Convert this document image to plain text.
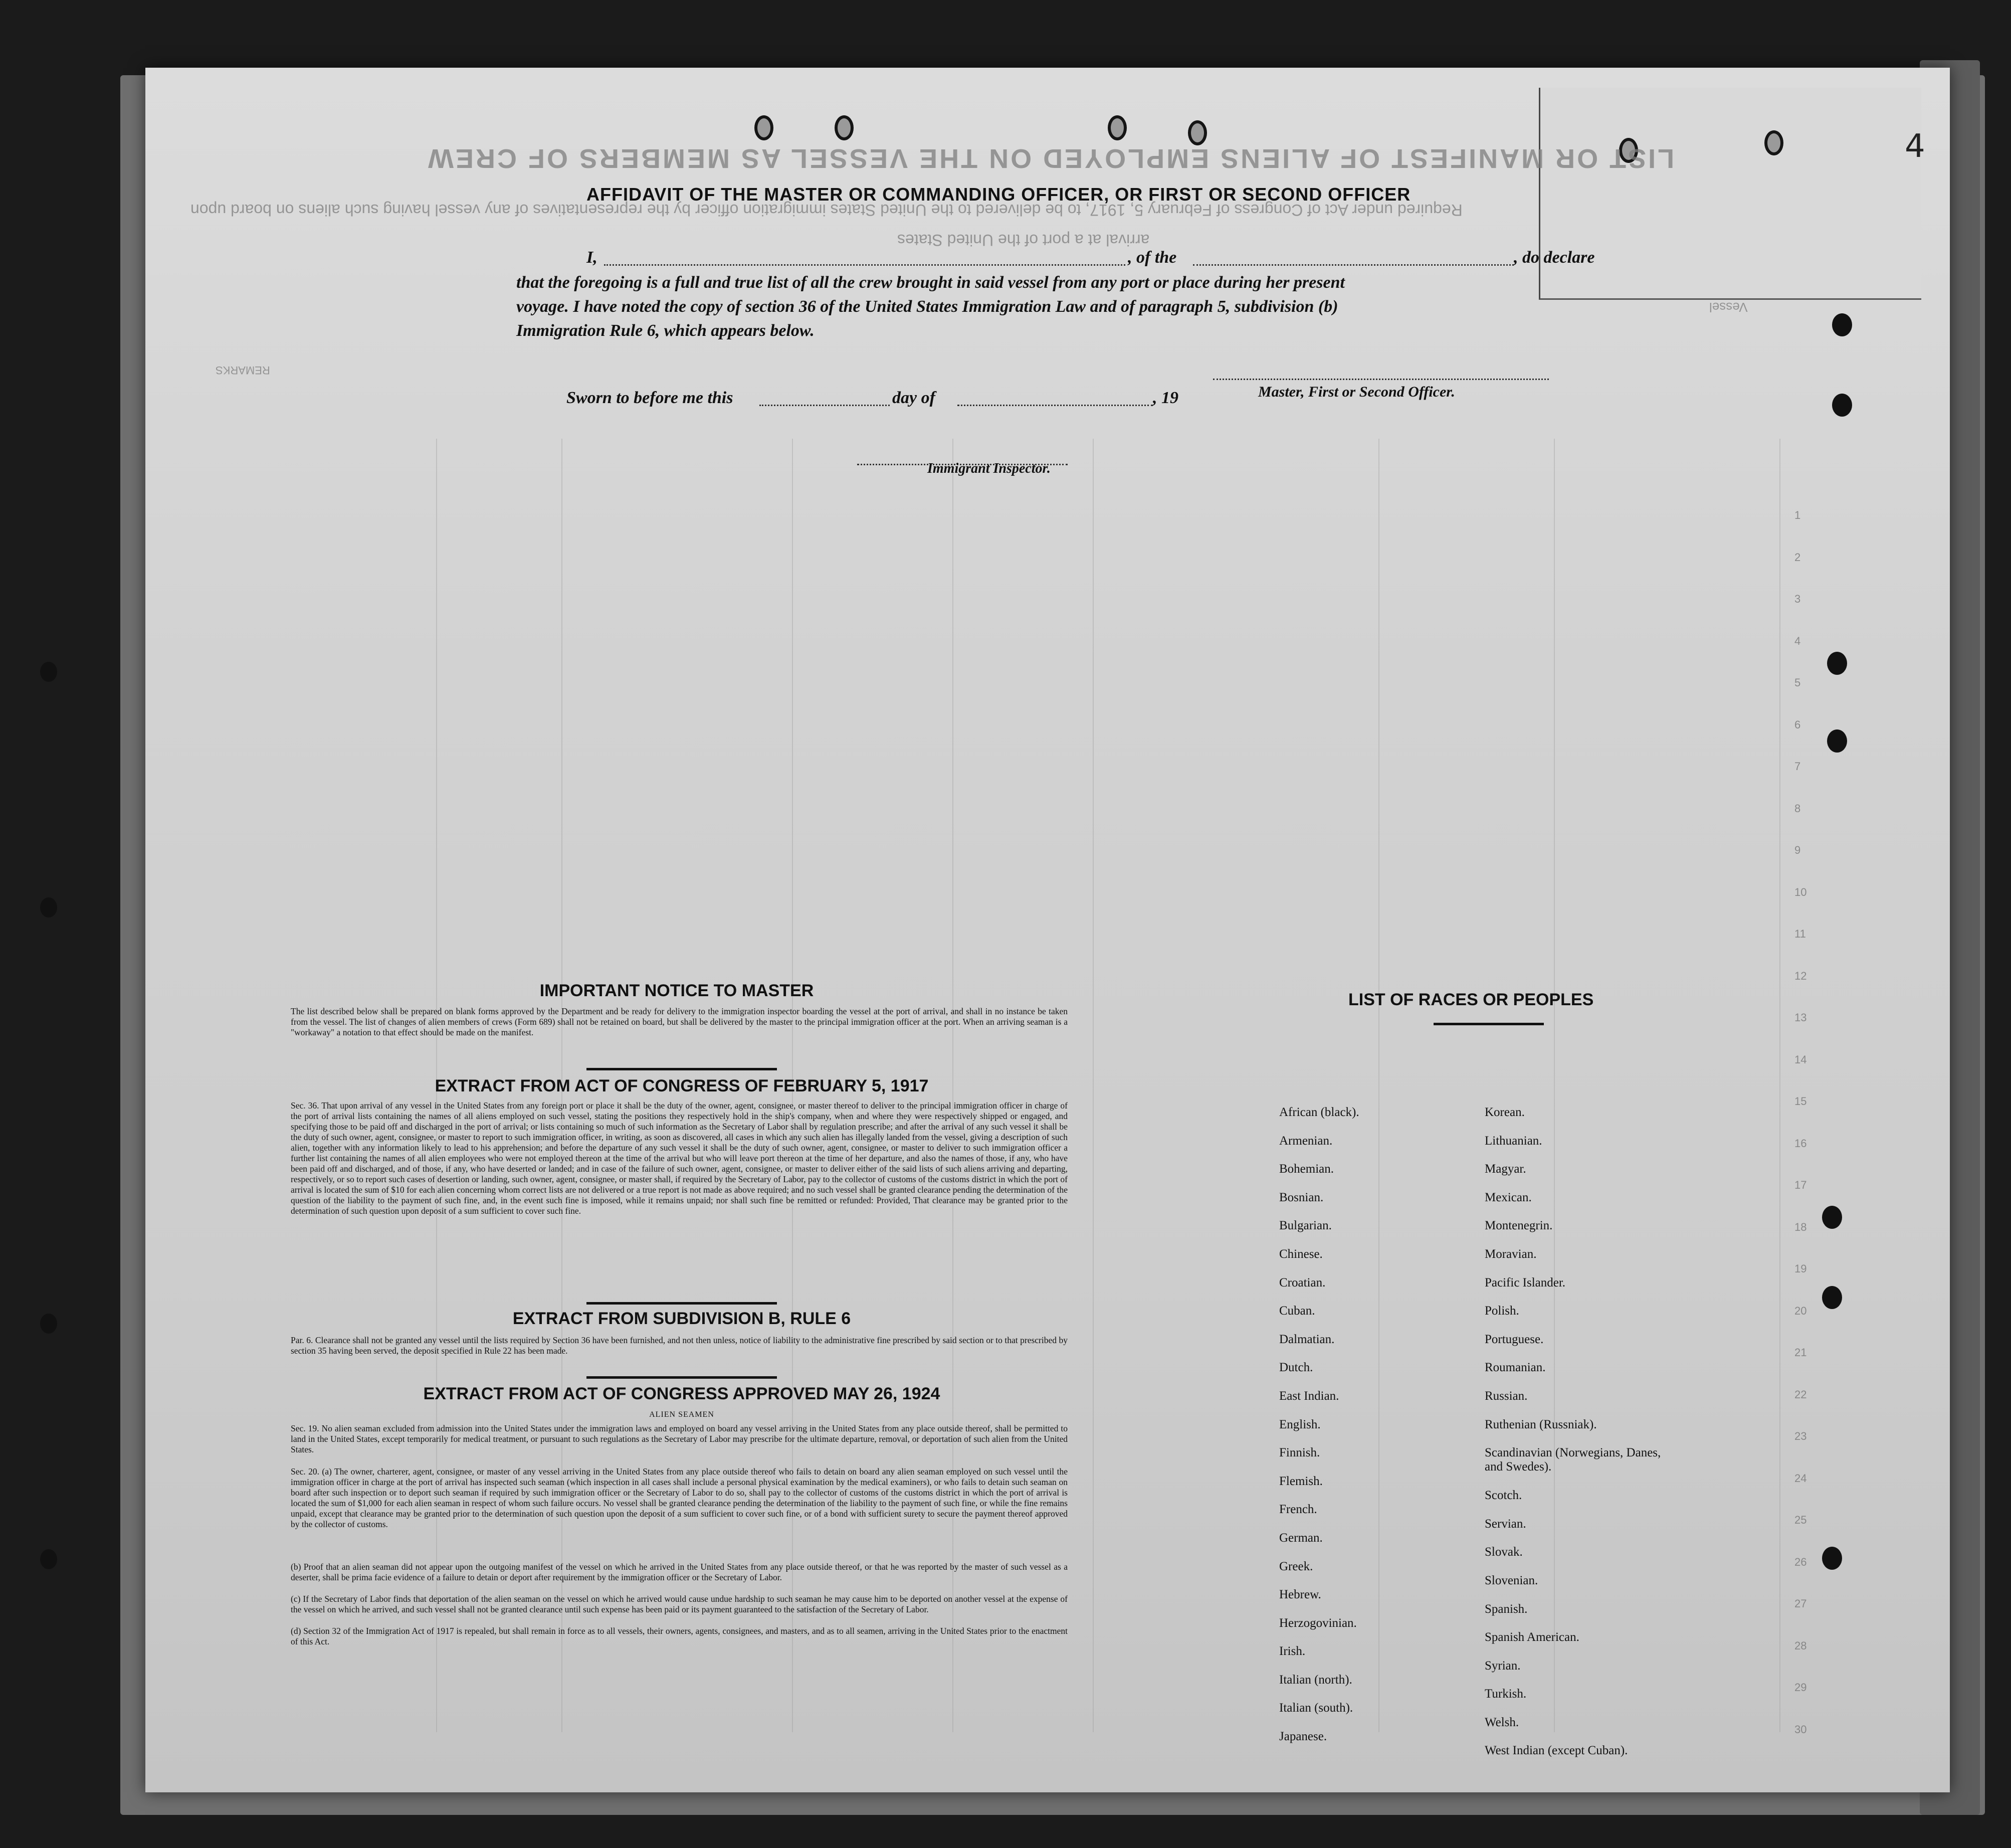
4
LIST OR MANIFEST OF ALIENS EMPLOYED ON THE VESSEL AS MEMBERS OF CREW
Required under Act of Congress of February 5, 1917, to be delivered to the United States immigration officer by the representatives of any vessel having such aliens on board upon
arrival at a port of the United States
Vessel
REMARKS
AFFIDAVIT OF THE MASTER OR COMMANDING OFFICER, OR FIRST OR SECOND OFFICER
I,	, of the	, do declare
that the foregoing is a full and true list of all the crew brought in said vessel from any port or place during her present
voyage. I have noted the copy of section 36 of the United States Immigration Law and of paragraph 5, subdivision (b)
Immigration Rule 6, which appears below.
Master, First or Second Officer.
Sworn to before me this	day of	, 19
Immigrant Inspector.
IMPORTANT NOTICE TO MASTER
The list described below shall be prepared on blank forms approved by the Department and be ready for delivery to the immigration inspector boarding the vessel at the port of arrival, and shall in no instance be taken from the vessel. The list of changes of alien members of crews (Form 689) shall not be retained on board, but shall be delivered by the master to the principal immigration officer at the port. When an arriving seaman is a "workaway" a notation to that effect should be made on the manifest.
EXTRACT FROM ACT OF CONGRESS OF FEBRUARY 5, 1917
Sec. 36. That upon arrival of any vessel in the United States from any foreign port or place it shall be the duty of the owner, agent, consignee, or master thereof to deliver to the principal immigration officer in charge of the port of arrival lists containing the names of all aliens employed on such vessel, stating the positions they respectively hold in the ship's company, when and where they were respectively shipped or engaged, and specifying those to be paid off and discharged in the port of arrival; or lists containing so much of such information as the Secretary of Labor shall by regulation prescribe; and after the arrival of any such vessel it shall be the duty of such owner, agent, consignee, or master to report to such immigration officer, in writing, as soon as discovered, all cases in which any such alien has illegally landed from the vessel, giving a description of such alien, together with any information likely to lead to his apprehension; and before the departure of any such vessel it shall be the duty of such owner, agent, consignee, or master to deliver to such immigration officer a further list containing the names of all alien employees who were not employed thereon at the time of the arrival but who will leave port thereon at the time of her departure, and also the names of those, if any, who have been paid off and discharged, and of those, if any, who have deserted or landed; and in case of the failure of such owner, agent, consignee, or master to deliver either of the said lists of such aliens arriving and departing, respectively, or so to report such cases of desertion or landing, such owner, agent, consignee, or master shall, if required by the Secretary of Labor, pay to the collector of customs of the customs district in which the port of arrival is located the sum of $10 for each alien concerning whom correct lists are not delivered or a true report is not made as above required; and no such vessel shall be granted clearance pending the determination of the question of the liability to the payment of such fine, and, in the event such fine is imposed, while it remains unpaid; nor shall such fine be remitted or refunded: Provided, That clearance may be granted prior to the determination of such question upon deposit of a sum sufficient to cover such fine.
EXTRACT FROM SUBDIVISION B, RULE 6
Par. 6. Clearance shall not be granted any vessel until the lists required by Section 36 have been furnished, and not then unless, notice of liability to the administrative fine prescribed by said section or to that prescribed by section 35 having been served, the deposit specified in Rule 22 has been made.
EXTRACT FROM ACT OF CONGRESS APPROVED MAY 26, 1924
ALIEN SEAMEN
Sec. 19. No alien seaman excluded from admission into the United States under the immigration laws and employed on board any vessel arriving in the United States from any place outside thereof, shall be permitted to land in the United States, except temporarily for medical treatment, or pursuant to such regulations as the Secretary of Labor may prescribe for the ultimate departure, removal, or deportation of such alien from the United States.
Sec. 20. (a) The owner, charterer, agent, consignee, or master of any vessel arriving in the United States from any place outside thereof who fails to detain on board any alien seaman employed on such vessel until the immigration officer in charge at the port of arrival has inspected such seaman (which inspection in all cases shall include a personal physical examination by the medical examiners), or who fails to detain such seaman on board after such inspection or to deport such seaman if required by such immigration officer or the Secretary of Labor to do so, shall pay to the collector of customs of the customs district in which the port of arrival is located the sum of $1,000 for each alien seaman in respect of whom such failure occurs. No vessel shall be granted clearance pending the determination of the liability to the payment of such fine, or while the fine remains unpaid, except that clearance may be granted prior to the determination of such question upon the deposit of a sum sufficient to cover such fine, or of a bond with sufficient surety to secure the payment thereof approved by the collector of customs.
(b) Proof that an alien seaman did not appear upon the outgoing manifest of the vessel on which he arrived in the United States from any place outside thereof, or that he was reported by the master of such vessel as a deserter, shall be prima facie evidence of a failure to detain or deport after requirement by the immigration officer or the Secretary of Labor.
(c) If the Secretary of Labor finds that deportation of the alien seaman on the vessel on which he arrived would cause undue hardship to such seaman he may cause him to be deported on another vessel at the expense of the vessel on which he arrived, and such vessel shall not be granted clearance until such expense has been paid or its payment guaranteed to the satisfaction of the Secretary of Labor.
(d) Section 32 of the Immigration Act of 1917 is repealed, but shall remain in force as to all vessels, their owners, agents, consignees, and masters, and as to all seamen, arriving in the United States prior to the enactment of this Act.
LIST OF RACES OR PEOPLES
African (black).
Armenian.
Bohemian.
Bosnian.
Bulgarian.
Chinese.
Croatian.
Cuban.
Dalmatian.
Dutch.
East Indian.
English.
Finnish.
Flemish.
French.
German.
Greek.
Hebrew.
Herzogovinian.
Irish.
Italian (north).
Italian (south).
Japanese.
Korean.
Lithuanian.
Magyar.
Mexican.
Montenegrin.
Moravian.
Pacific Islander.
Polish.
Portuguese.
Roumanian.
Russian.
Ruthenian (Russniak).
Scandinavian (Norwegians, Danes, and Swedes).
Scotch.
Servian.
Slovak.
Slovenian.
Spanish.
Spanish American.
Syrian.
Turkish.
Welsh.
West Indian (except Cuban).
1
2
3
4
5
6
7
8
9
10
11
12
13
14
15
16
17
18
19
20
21
22
23
24
25
26
27
28
29
30
